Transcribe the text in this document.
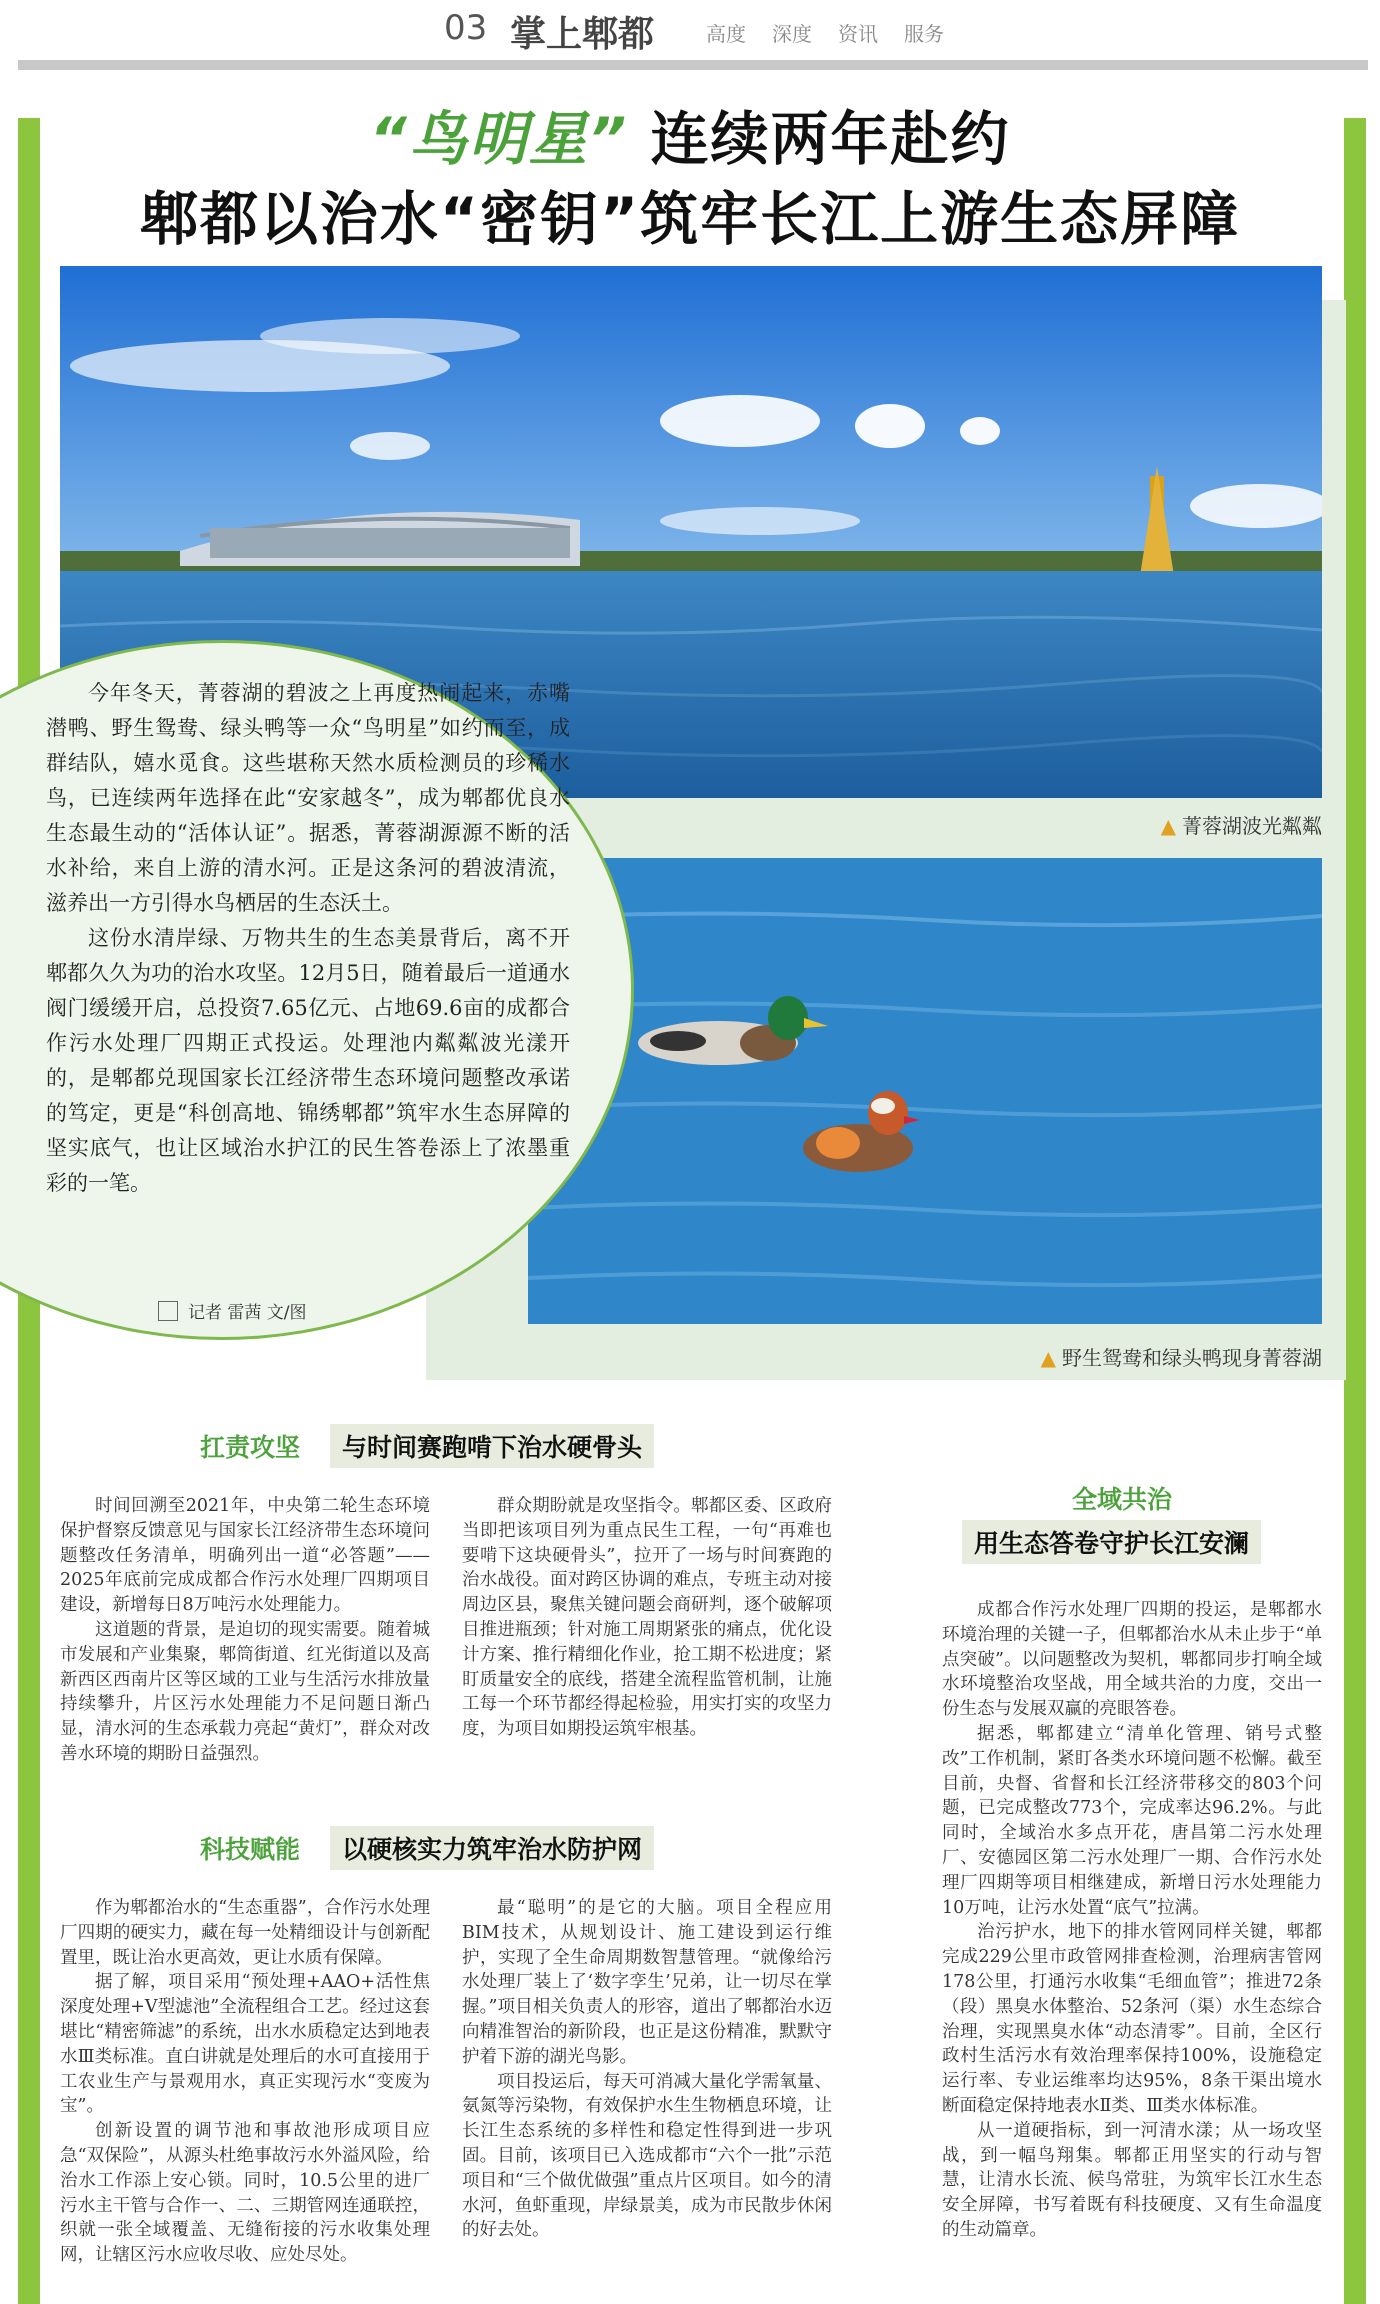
03 掌上郫都	高度 深度 资讯 服务
“鸟明星” 连续两年赴约
郫都以治水“密钥”筑牢长江上游生态屏障
▲ 菁蓉湖波光粼粼
▲ 野生鸳鸯和绿头鸭现身菁蓉湖

今年冬天，菁蓉湖的碧波之上再度热闹起来，赤嘴潜鸭、野生鸳鸯、绿头鸭等一众“鸟明星”如约而至，成群结队，嬉水觅食。这些堪称天然水质检测员的珍稀水鸟，已连续两年选择在此“安家越冬”，成为郫都优良水生态最生动的“活体认证”。据悉，菁蓉湖源源不断的活水补给，来自上游的清水河。正是这条河的碧波清流，滋养出一方引得水鸟栖居的生态沃土。

这份水清岸绿、万物共生的生态美景背后，离不开郫都久久为功的治水攻坚。12月5日，随着最后一道通水阀门缓缓开启，总投资7.65亿元、占地69.6亩的成都合作污水处理厂四期正式投运。处理池内粼粼波光漾开的，是郫都兑现国家长江经济带生态环境问题整改承诺的笃定，更是“科创高地、锦绣郫都”筑牢水生态屏障的坚实底气，也让区域治水护江的民生答卷添上了浓墨重彩的一笔。

记者 雷茜 文/图
扛责攻坚	与时间赛跑啃下治水硬骨头

时间回溯至2021年，中央第二轮生态环境保护督察反馈意见与国家长江经济带生态环境问题整改任务清单，明确列出一道“必答题”——2025年底前完成成都合作污水处理厂四期项目建设，新增每日8万吨污水处理能力。

这道题的背景，是迫切的现实需要。随着城市发展和产业集聚，郫筒街道、红光街道以及高新西区西南片区等区域的工业与生活污水排放量持续攀升，片区污水处理能力不足问题日渐凸显，清水河的生态承载力亮起“黄灯”，群众对改善水环境的期盼日益强烈。

群众期盼就是攻坚指令。郫都区委、区政府当即把该项目列为重点民生工程，一句“再难也要啃下这块硬骨头”，拉开了一场与时间赛跑的治水战役。面对跨区协调的难点，专班主动对接周边区县，聚焦关键问题会商研判，逐个破解项目推进瓶颈；针对施工周期紧张的痛点，优化设计方案、推行精细化作业，抢工期不松进度；紧盯质量安全的底线，搭建全流程监管机制，让施工每一个环节都经得起检验，用实打实的攻坚力度，为项目如期投运筑牢根基。

科技赋能	以硬核实力筑牢治水防护网

作为郫都治水的“生态重器”，合作污水处理厂四期的硬实力，藏在每一处精细设计与创新配置里，既让治水更高效，更让水质有保障。

据了解，项目采用“预处理+AAO+活性焦深度处理+V型滤池”全流程组合工艺。经过这套堪比“精密筛滤”的系统，出水水质稳定达到地表水Ⅲ类标准。直白讲就是处理后的水可直接用于工农业生产与景观用水，真正实现污水“变废为宝”。

创新设置的调节池和事故池形成项目应急“双保险”，从源头杜绝事故污水外溢风险，给治水工作添上安心锁。同时，10.5公里的进厂污水主干管与合作一、二、三期管网连通联控，织就一张全域覆盖、无缝衔接的污水收集处理网，让辖区污水应收尽收、应处尽处。

最“聪明”的是它的大脑。项目全程应用BIM技术，从规划设计、施工建设到运行维护，实现了全生命周期数智慧管理。“就像给污水处理厂装上了‘数字孪生’兄弟，让一切尽在掌握。”项目相关负责人的形容，道出了郫都治水迈向精准智治的新阶段，也正是这份精准，默默守护着下游的湖光鸟影。

项目投运后，每天可消减大量化学需氧量、氨氮等污染物，有效保护水生生物栖息环境，让长江生态系统的多样性和稳定性得到进一步巩固。目前，该项目已入选成都市“六个一批”示范项目和“三个做优做强”重点片区项目。如今的清水河，鱼虾重现，岸绿景美，成为市民散步休闲的好去处。

全域共治
用生态答卷守护长江安澜

成都合作污水处理厂四期的投运，是郫都水环境治理的关键一子，但郫都治水从未止步于“单点突破”。以问题整改为契机，郫都同步打响全域水环境整治攻坚战，用全域共治的力度，交出一份生态与发展双赢的亮眼答卷。

据悉，郫都建立“清单化管理、销号式整改”工作机制，紧盯各类水环境问题不松懈。截至目前，央督、省督和长江经济带移交的803个问题，已完成整改773个，完成率达96.2%。与此同时，全域治水多点开花，唐昌第二污水处理厂、安德园区第二污水处理厂一期、合作污水处理厂四期等项目相继建成，新增日污水处理能力10万吨，让污水处置“底气”拉满。

治污护水，地下的排水管网同样关键，郫都完成229公里市政管网排查检测，治理病害管网178公里，打通污水收集“毛细血管”；推进72条（段）黑臭水体整治、52条河（渠）水生态综合治理，实现黑臭水体“动态清零”。目前，全区行政村生活污水有效治理率保持100%，设施稳定运行率、专业运维率均达95%，8条干渠出境水断面稳定保持地表水Ⅱ类、Ⅲ类水体标准。

从一道硬指标，到一河清水漾；从一场攻坚战，到一幅鸟翔集。郫都正用坚实的行动与智慧，让清水长流、候鸟常驻，为筑牢长江水生态安全屏障，书写着既有科技硬度、又有生命温度的生动篇章。
